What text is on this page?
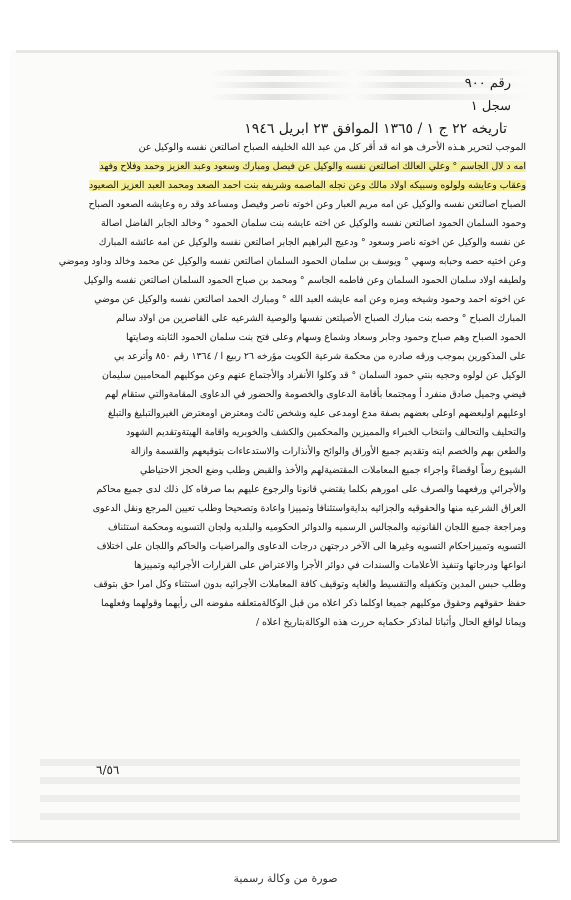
رقم ٩٠٠
سجل ١
تاريخه ٢٢ ج ١ / ١٣٦٥ الموافق ٢٣ ابريل ١٩٤٦
الموجب لتحرير هـذه الأحرف هو انه قد أقر كل من عبد الله الخليفه الصباح اصالتعن نفسه والوكيل عن
امه د لال الجاسم ° وعلي العالك اصالتعن نفسه والوكيل عن فيصل ومبارك وسعود وعبد العزيز وحمد وفلاح وفهد
وعقاب وعايشه ولولوه وسبيكه اولاد مالك وعن نجله الماصمه وشريفه بنت احمد الصعد ومحمد العبد العزيز الصعيود
الصباح اصالتعن نفسه والوكيل عن امه مريم العبار وعن اخوته ناصر وفيصل ومساعد وقد ره وعايشه الصعود الصباح
وحمود السلمان الحمود اصالتعن نفسه والوكيل عن اخته عايشه بنت سلمان الحمود ° وخالد الجابر الفاضل اصالة
عن نفسه والوكيل عن اخوته ناصر وسعود ° ودعيج البراهيم الجابر اصالتعن نفسه والوكيل عن امه عائشه المبارك
وعن اختيه حصه وحبابه وسهي ° ويوسف بن سلمان الحمود السلمان اصالتعن نفسه والوكيل عن محمد وخالد وداود وموضي
ولطيفه اولاد سلمان الحمود السلمان وعن فاطمه الجاسم ° ومحمد بن صباح الحمود السلمان اصالتعن نفسه والوكيل
عن اخوته احمد وحمود وشيخه ومزه وعن امه عايشه العبد الله ° ومبارك الحمد اصالتعن نفسه والوكيل عن موضي
المبارك الصباح ° وحصه بنت مبارك الصباح الأصيلتعن نفسها والوصية الشرعيه على القاصرين من اولاد سالم
الحمود الصباح وهم صباح وحمود وجابر وسعاد وشماع وسهام وعلى فتح بنت سلمان الحمود الثابته وصايتها
على المذكورين بموجب ورقه صادره من محكمة شرعية الكويت مؤرخه ٢٦ ربيع ا / ١٣٦٤ رقم ٨٥٠ وأترعد بي
الوكيل عن لولوه وحجيه بنتي حمود السلمان ° قد وكلوا الأنفراد والأجتماع عنهم وعن موكليهم المحاميين سليمان
فيضي وجميل صادق منفرد أ ومجتمعا بأقامة الدعاوى والخصومة والحضور في الدعاوى المقامةوالتي ستقام لهم
اوعليهم اولبعضهم اوعلى بعضهم بصفة مدع اومدعى عليه وشخص ثالث ومعترض اومعترض الغيروالتبليغ والتبلغ
والتحليف والتحالف وانتخاب الخبراء والمميزين والمحكمين والكشف والخوبريه واقامة الهيتةوتقديم الشهود
والطعن بهم والخصم ايته وتقديم جميع الأوراق والوائح والأنذارات والاستدعاءات بتوقيعهم والقسمة وازالة
الشيوع رضاً اوقضاءً واجراء جميع المعاملات المقتضيةلهم والأخذ والقبض وطلب وضع الحجز الاحتياطي
والأجرائي ورفعهما والصرف على امورهم بكلما يقتضي قانونا والرجوع عليهم بما صرفاه كل ذلك لدى جميع محاكم
العراق الشرعيه منها والحقوقيه والجزائيه بدايةواستئنافا وتمييزا واعادة وتصحيحا وطلب تعيين المرجع ونقل الدعوى
ومراجعة جميع اللجان القانونيه والمجالس الرسميه والدوائر الحكوميه والبلديه ولجان التسويه ومحكمة استئناف
التسويه وتمييزاحكام التسويه وغيرها الى الآخر درجتهن درجات الدعاوى والمراضيات والحاكم واللجان على اختلاف
انواعها ودرجاتها وتنفيذ الأعلامات والسندات في دوائر الأجرا والاعتراض على القرارات الأجرائيه وتمييزها
وطلب حبس المدين وتكفيله والتقسيط والغايه وتوقيف كافة المعاملات الأجرائيه بدون استثناء وكل امرا حق بتوقف
حفظ حقوقهم وحقوق موكليهم جميعا اوكلما ذكر اعلاه من قبل الوكالةمتعلقه مفوضه الى رأيهما وقولهما وفعلهما
ويمانا لواقع الحال وأثباتا لماذكر حكمايه حررت هذه الوكالةبتاريخ اعلاه /
٦/٥٦
صورة من وكالة رسمية
